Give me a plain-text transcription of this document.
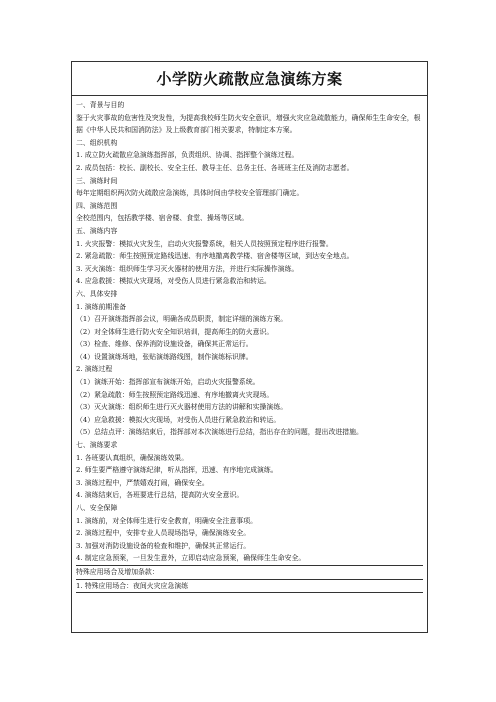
小学防火疏散应急演练方案
一、背景与目的
鉴于火灾事故的危害性及突发性，为提高我校师生防火安全意识，增强火灾应急疏散能力，确保师生生命安全，根据《中华人民共和国消防法》及上级教育部门相关要求，特制定本方案。
二、组织机构
1. 成立防火疏散应急演练指挥部，负责组织、协调、指挥整个演练过程。
2. 成员包括：校长、副校长、安全主任、教导主任、总务主任、各班班主任及消防志愿者。
三、演练时间
每年定期组织两次防火疏散应急演练，具体时间由学校安全管理部门确定。
四、演练范围
全校范围内，包括教学楼、宿舍楼、食堂、操场等区域。
五、演练内容
1. 火灾报警：模拟火灾发生，启动火灾报警系统，相关人员按照预定程序进行报警。
2. 紧急疏散：师生按照预定路线迅速、有序地撤离教学楼、宿舍楼等区域，到达安全地点。
3. 灭火演练：组织师生学习灭火器材的使用方法，并进行实际操作演练。
4. 应急救援：模拟火灾现场，对受伤人员进行紧急救治和转运。
六、具体安排
1. 演练前期准备
（1）召开演练指挥部会议，明确各成员职责，制定详细的演练方案。
（2）对全体师生进行防火安全知识培训，提高师生的防火意识。
（3）检查、维修、保养消防设施设备，确保其正常运行。
（4）设置演练场地，张贴演练路线图，制作演练标识牌。
2. 演练过程
（1）演练开始：指挥部宣布演练开始，启动火灾报警系统。
（2）紧急疏散：师生按照预定路线迅速、有序地撤离火灾现场。
（3）灭火演练：组织师生进行灭火器材使用方法的讲解和实操演练。
（4）应急救援：模拟火灾现场，对受伤人员进行紧急救治和转运。
（5）总结点评：演练结束后，指挥部对本次演练进行总结，指出存在的问题，提出改进措施。
七、演练要求
1. 各班要认真组织，确保演练效果。
2. 师生要严格遵守演练纪律，听从指挥，迅速、有序地完成演练。
3. 演练过程中，严禁嬉戏打闹，确保安全。
4. 演练结束后，各班要进行总结，提高防火安全意识。
八、安全保障
1. 演练前，对全体师生进行安全教育，明确安全注意事项。
2. 演练过程中，安排专业人员现场指导，确保演练安全。
3. 加强对消防设施设备的检查和维护，确保其正常运行。
4. 制定应急预案，一旦发生意外，立即启动应急预案，确保师生生命安全。
特殊应用场合及增加条款：
1. 特殊应用场合：夜间火灾应急演练
